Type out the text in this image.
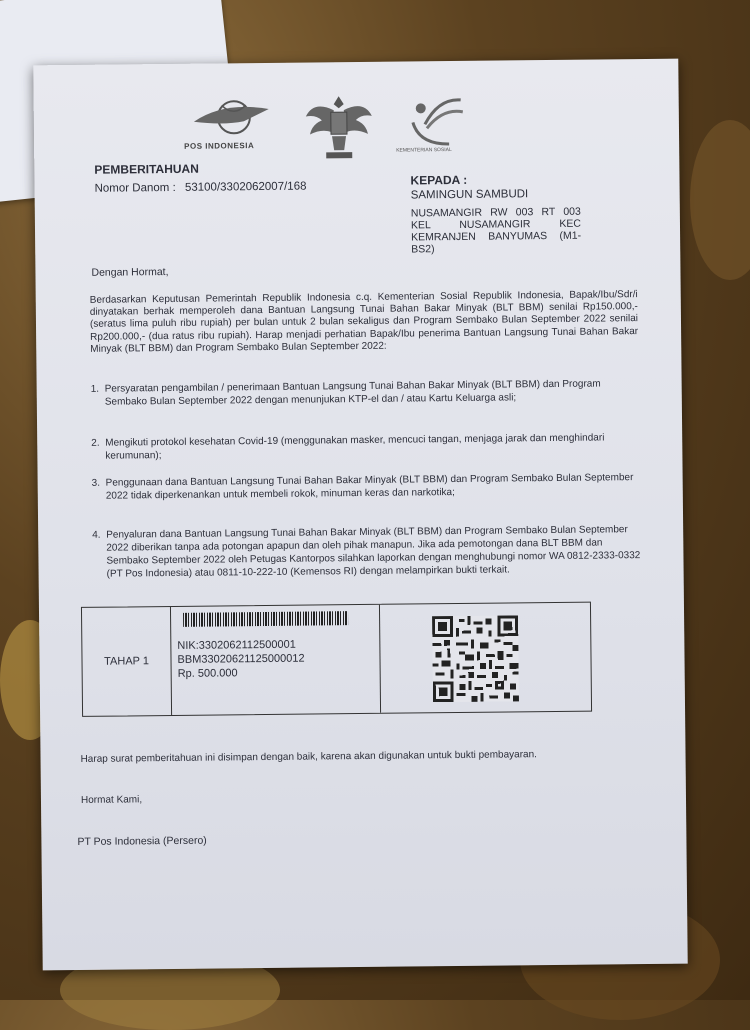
POS INDONESIA	KEMENTERIAN SOSIAL
PEMBERITAHUAN
Nomor Danom : 53100/3302062007/168	KEPADA :
SAMINGUN SAMBUDI
NUSAMANGIR RW 003 RT 003 KEL NUSAMANGIR KEC KEMRANJEN BANYUMAS (M1-BS2)
Dengan Hormat,
Berdasarkan Keputusan Pemerintah Republik Indonesia c.q. Kementerian Sosial Republik Indonesia, Bapak/Ibu/Sdr/i dinyatakan berhak memperoleh dana Bantuan Langsung Tunai Bahan Bakar Minyak (BLT BBM) senilai Rp150.000,- (seratus lima puluh ribu rupiah) per bulan untuk 2 bulan sekaligus dan Program Sembako Bulan September 2022 senilai Rp200.000,- (dua ratus ribu rupiah). Harap menjadi perhatian Bapak/Ibu penerima Bantuan Langsung Tunai Bahan Bakar Minyak (BLT BBM) dan Program Sembako Bulan September 2022:
1. Persyaratan pengambilan / penerimaan Bantuan Langsung Tunai Bahan Bakar Minyak (BLT BBM) dan Program Sembako Bulan September 2022 dengan menunjukan KTP-el dan / atau Kartu Keluarga asli;
2. Mengikuti protokol kesehatan Covid-19 (menggunakan masker, mencuci tangan, menjaga jarak dan menghindari kerumunan);
3. Penggunaan dana Bantuan Langsung Tunai Bahan Bakar Minyak (BLT BBM) dan Program Sembako Bulan September 2022 tidak diperkenankan untuk membeli rokok, minuman keras dan narkotika;
4. Penyaluran dana Bantuan Langsung Tunai Bahan Bakar Minyak (BLT BBM) dan Program Sembako Bulan September 2022 diberikan tanpa ada potongan apapun dan oleh pihak manapun. Jika ada pemotongan dana BLT BBM dan Sembako September 2022 oleh Petugas Kantorpos silahkan laporkan dengan menghubungi nomor WA 0812-2333-0332 (PT Pos Indonesia) atau 0811-10-222-10 (Kemensos RI) dengan melampirkan bukti terkait.
TAHAP 1
NIK:3302062112500001
BBM33020621125000012
Rp. 500.000
Harap surat pemberitahuan ini disimpan dengan baik, karena akan digunakan untuk bukti pembayaran.
Hormat Kami,
PT Pos Indonesia (Persero)
